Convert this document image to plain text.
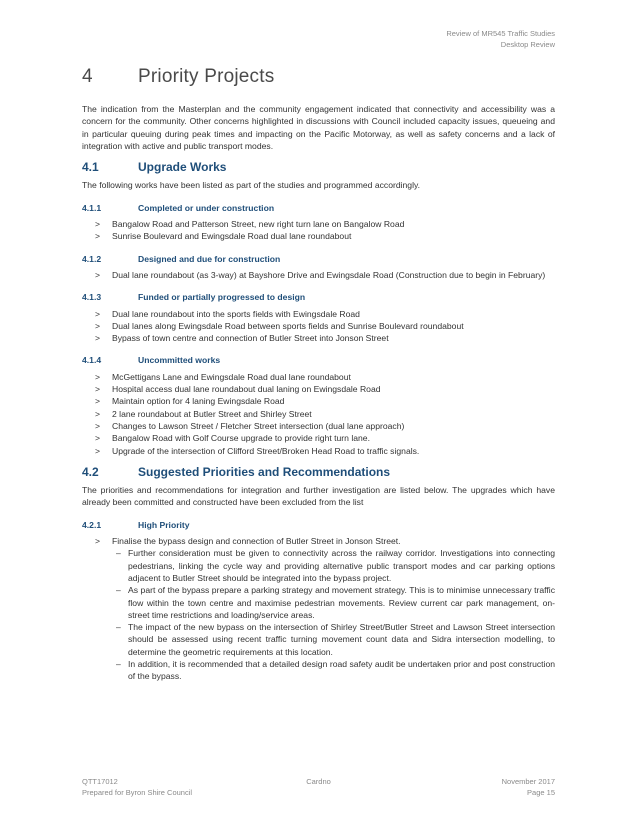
Review of MR545 Traffic Studies
Desktop Review
4 Priority Projects

The indication from the Masterplan and the community engagement indicated that connectivity and accessibility was a concern for the community. Other concerns highlighted in discussions with Council included capacity issues, queueing and in particular queuing during peak times and impacting on the Pacific Motorway, as well as safety concerns and a lack of integration with active and public transport modes.

4.1	Upgrade Works

The following works have been listed as part of the studies and programmed accordingly.

4.1.1	Completed or under construction
> Bangalow Road and Patterson Street, new right turn lane on Bangalow Road
> Sunrise Boulevard and Ewingsdale Road dual lane roundabout
4.1.2	Designed and due for construction
> Dual lane roundabout (as 3-way) at Bayshore Drive and Ewingsdale Road (Construction due to begin in February)
4.1.3	Funded or partially progressed to design
> Dual lane roundabout into the sports fields with Ewingsdale Road
> Dual lanes along Ewingsdale Road between sports fields and Sunrise Boulevard roundabout
> Bypass of town centre and connection of Butler Street into Jonson Street
4.1.4	Uncommitted works
> McGettigans Lane and Ewingsdale Road dual lane roundabout
> Hospital access dual lane roundabout dual laning on Ewingsdale Road
> Maintain option for 4 laning Ewingsdale Road
> 2 lane roundabout at Butler Street and Shirley Street
> Changes to Lawson Street / Fletcher Street intersection (dual lane approach)
> Bangalow Road with Golf Course upgrade to provide right turn lane.
> Upgrade of the intersection of Clifford Street/Broken Head Road to traffic signals.
4.2	Suggested Priorities and Recommendations

The priorities and recommendations for integration and further investigation are listed below. The upgrades which have already been committed and constructed have been excluded from the list

4.2.1	High Priority
> Finalise the bypass design and connection of Butler Street in Jonson Street.
– Further consideration must be given to connectivity across the railway corridor. Investigations into connecting pedestrians, linking the cycle way and providing alternative public transport modes and car parking options adjacent to Butler Street should be integrated into the bypass project.
– As part of the bypass prepare a parking strategy and movement strategy. This is to minimise unnecessary traffic flow within the town centre and maximise pedestrian movements. Review current car park management, on-street time restrictions and loading/service areas.
– The impact of the new bypass on the intersection of Shirley Street/Butler Street and Lawson Street intersection should be assessed using recent traffic turning movement count data and Sidra intersection modelling, to determine the geometric requirements at this location.
– In addition, it is recommended that a detailed design road safety audit be undertaken prior and post construction of the bypass.
QTT17012
Prepared for Byron Shire Council
Cardno	November 2017
Page 15
